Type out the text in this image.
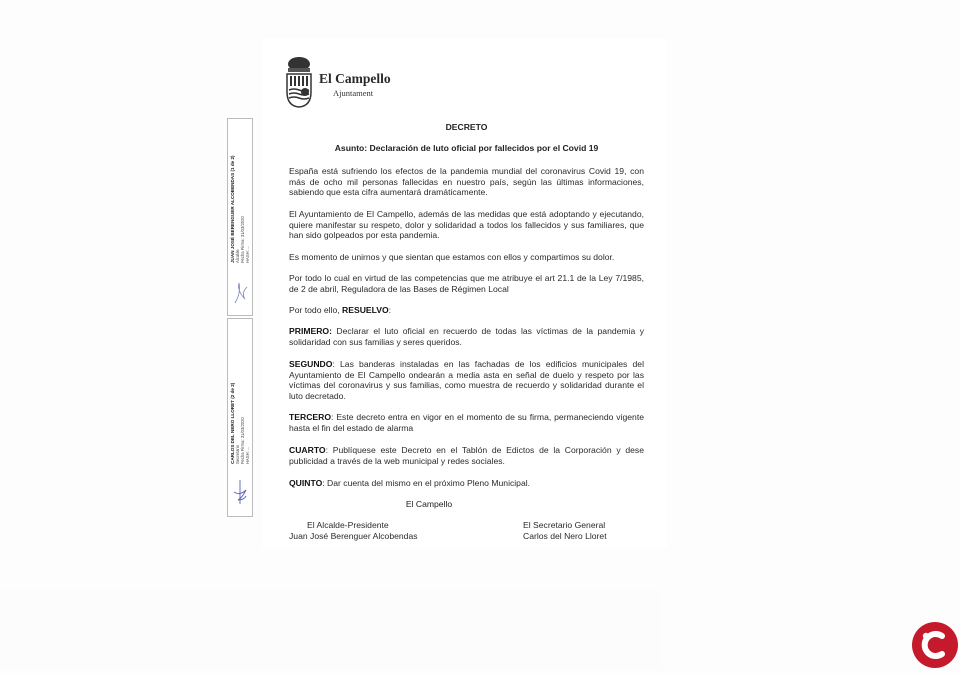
El Campello
Ajuntament
DECRETO
Asunto: Declaración de luto oficial por fallecidos por el Covid 19
España está sufriendo los efectos de la pandemia mundial del coronavirus Covid 19, con más de ocho mil personas fallecidas en nuestro país, según las últimas informaciones, sabiendo que esta cifra aumentará dramáticamente.
El Ayuntamiento de El Campello, además de las medidas que está adoptando y ejecutando, quiere manifestar su respeto, dolor y solidaridad a todos los fallecidos y sus familiares, que han sido golpeados por esta pandemia.
Es momento de unirnos y que sientan que estamos con ellos y compartimos su dolor.
Por todo lo cual en virtud de las competencias que me atribuye el art 21.1 de la Ley 7/1985, de 2 de abril, Reguladora de las Bases de Régimen Local
Por todo ello, RESUELVO:
PRIMERO: Declarar el luto oficial en recuerdo de todas las víctimas de la pandemia y solidaridad con sus familias y seres queridos.
SEGUNDO: Las banderas instaladas en las fachadas de los edificios municipales del Ayuntamiento de El Campello ondearán a media asta en señal de duelo y respeto por las víctimas del coronavirus y sus familias, como muestra de recuerdo y solidaridad durante el luto decretado.
TERCERO: Este decreto entra en vigor en el momento de su firma, permaneciendo vigente hasta el fin del estado de alarma
CUARTO: Publíquese este Decreto en el Tablón de Edictos de la Corporación y dese publicidad a través de la web municipal y redes sociales.
QUINTO: Dar cuenta del mismo en el próximo Pleno Municipal.
El Campello
El Alcalde-Presidente
Juan José Berenguer Alcobendas
El Secretario General
Carlos del Nero Lloret
JUAN JOSÉ BERENGUER ALCOBENDAS (1 de 2) Alcalde Fecha Firma: 31/03/2020 HASH: ...
CARLOS DEL NERO LLORET (2 de 2) Secretario Fecha Firma: 31/03/2020 HASH: ...
